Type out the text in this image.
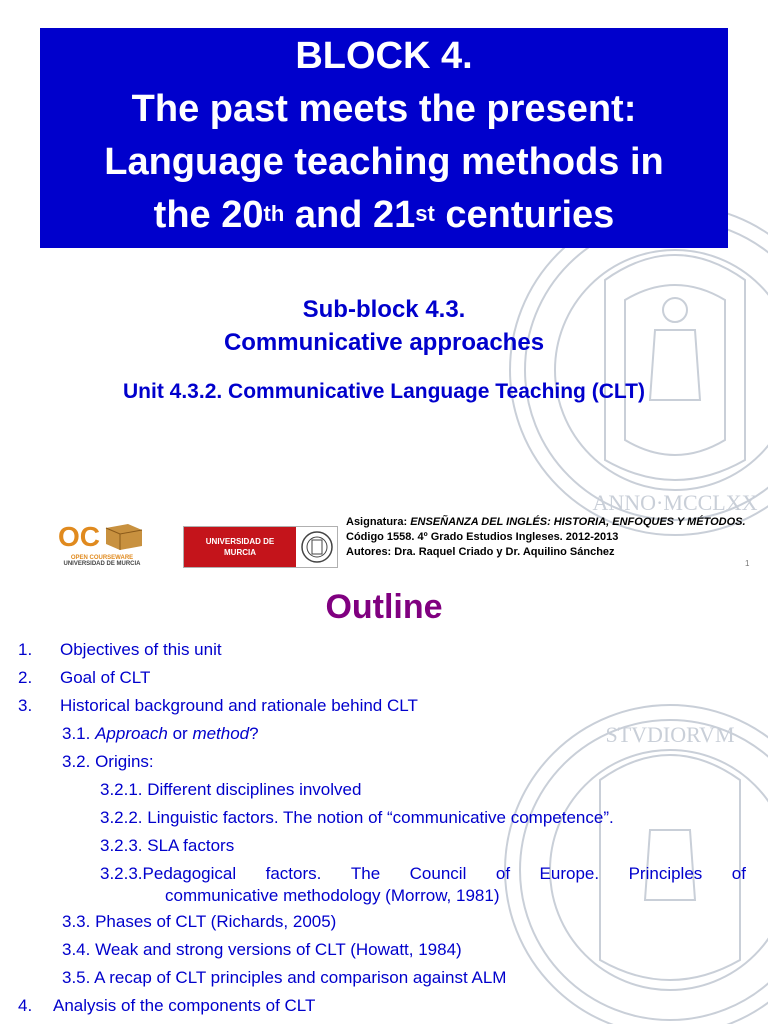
ANNO·MCCLXX
BLOCK 4.
The past meets the present:
Language teaching methods in
the 20th and 21st centuries
Sub-block 4.3.
Communicative approaches
Unit 4.3.2. Communicative Language Teaching (CLT)
OC
OPEN COURSEWARE
UNIVERSIDAD DE MURCIA
UNIVERSIDAD DE
MURCIA
Asignatura: ENSEÑANZA DEL INGLÉS: HISTORIA, ENFOQUES Y MÉTODOS. Código 1558. 4º Grado Estudios Ingleses. 2012-2013
Autores: Dra. Raquel Criado y Dr. Aquilino Sánchez
1
STVDIORVM
Outline
1. Objectives of this unit
2. Goal of CLT
3. Historical background and rationale behind CLT
3.1. Approach or method?
3.2. Origins:
3.2.1. Different disciplines involved
3.2.2. Linguistic factors. The notion of “communicative competence”.
3.2.3. SLA factors
3.2.3.Pedagogical factors. The Council of Europe. Principles of
communicative methodology (Morrow, 1981)
3.3. Phases of CLT (Richards, 2005)
3.4. Weak and strong versions of CLT (Howatt, 1984)
3.5. A recap of CLT principles and comparison against ALM
4. Analysis of the components of CLT
